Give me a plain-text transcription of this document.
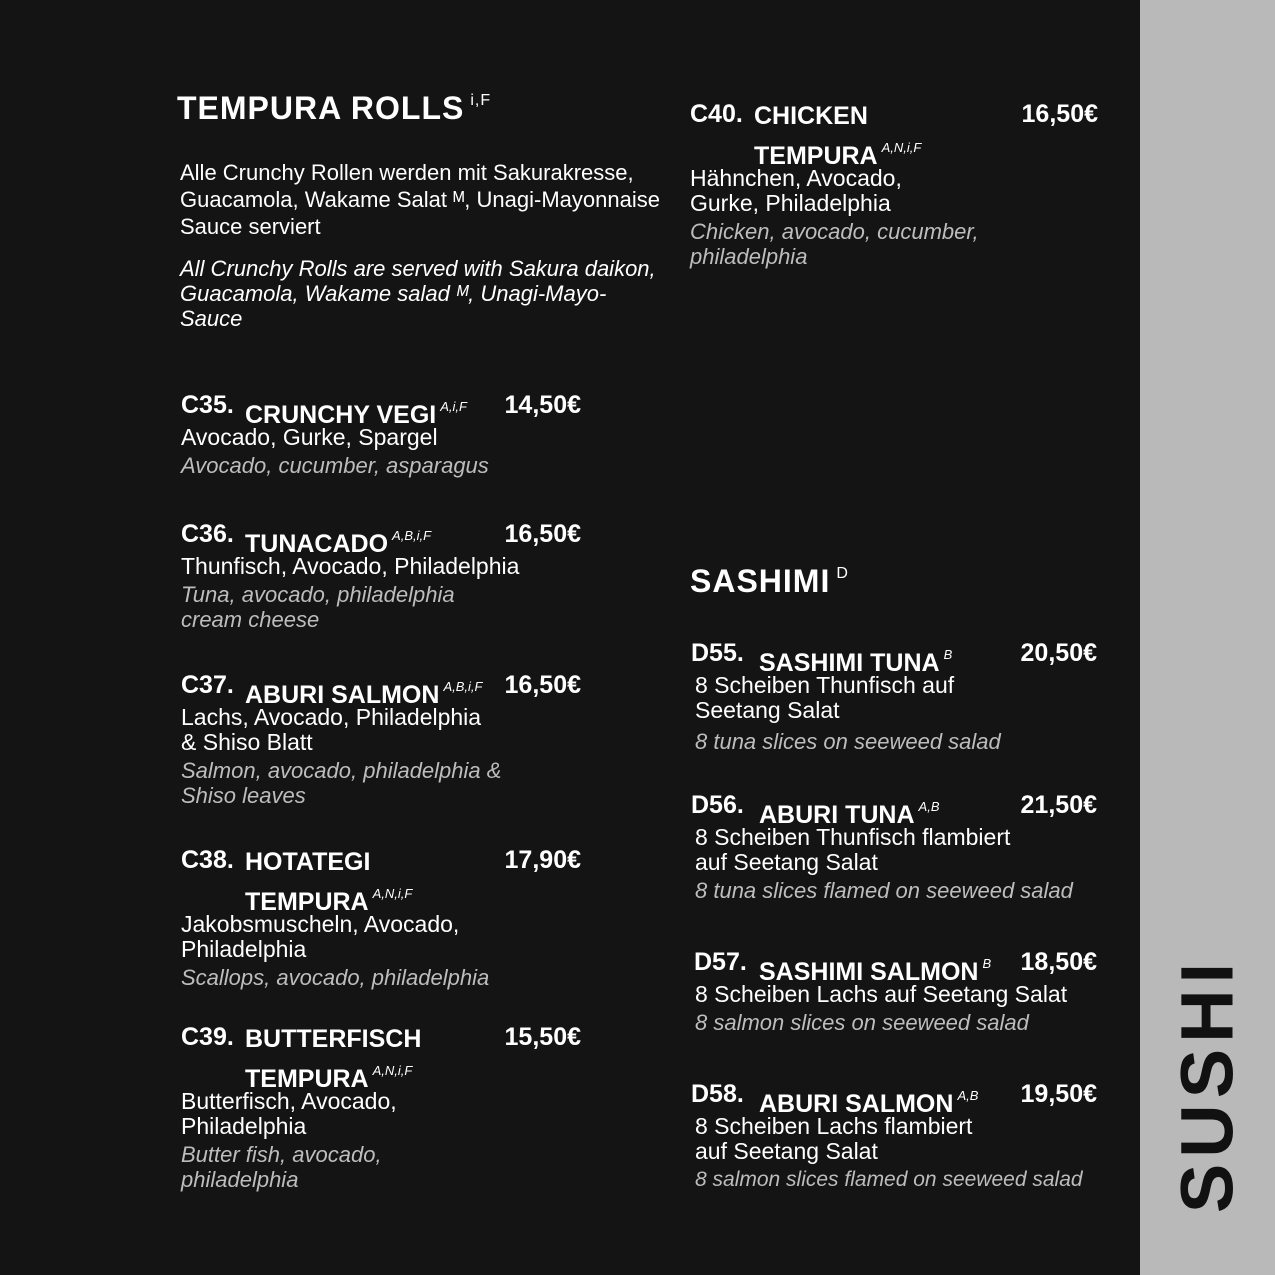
TEMPURA ROLLS $^{i,F}$
Alle Crunchy Rollen werden mit Sakurakresse, Guacamola, Wakame Salat ᴹ, Unagi-Mayonnaise Sauce serviert
All Crunchy Rolls are served with Sakura daikon, Guacamola, Wakame salad ᴹ, Unagi-Mayo-Sauce
C35. CRUNCHY VEGI $^{A,i,F}$	14,50€
Avocado, Gurke, Spargel
Avocado, cucumber, asparagus
C36. TUNACADO $^{A,B,i,F}$	16,50€
Thunfisch, Avocado, Philadelphia
Tuna, avocado, philadelphia cream cheese
C37. ABURI SALMON $^{A,B,i,F}$ 16,50€
Lachs, Avocado, Philadelphia & Shiso Blatt
Salmon, avocado, philadelphia & Shiso leaves
C38. HOTATEGI TEMPURA $^{A,N,i,F}$
17,90€
Jakobsmuscheln, Avocado, Philadelphia
Scallops, avocado, philadelphia
C39. BUTTERFISCH TEMPURA $^{A,N,i,F}$
15,50€
Butterfisch, Avocado, Philadelphia
Butter fish, avocado, philadelphia
C40. CHICKEN TEMPURA $^{A,N,i,F}$
16,50€
Hähnchen, Avocado, Gurke, Philadelphia
Chicken, avocado, cucumber, philadelphia
SASHIMI $^D$
D55. SASHIMI TUNA $^B$	20,50€
8 Scheiben Thunfisch auf Seetang Salat
8 tuna slices on seeweed salad
D56. ABURI TUNA $^{A,B}$	21,50€
8 Scheiben Thunfisch flambiert auf Seetang Salat
8 tuna slices flamed on seeweed salad
D57. SASHIMI SALMON $^B$	18,50€
8 Scheiben Lachs auf Seetang Salat
8 salmon slices on seeweed salad
D58. ABURI SALMON $^{A,B}$	19,50€
8 Scheiben Lachs flambiert auf Seetang Salat
8 salmon slices flamed on seeweed salad	SUSHI
